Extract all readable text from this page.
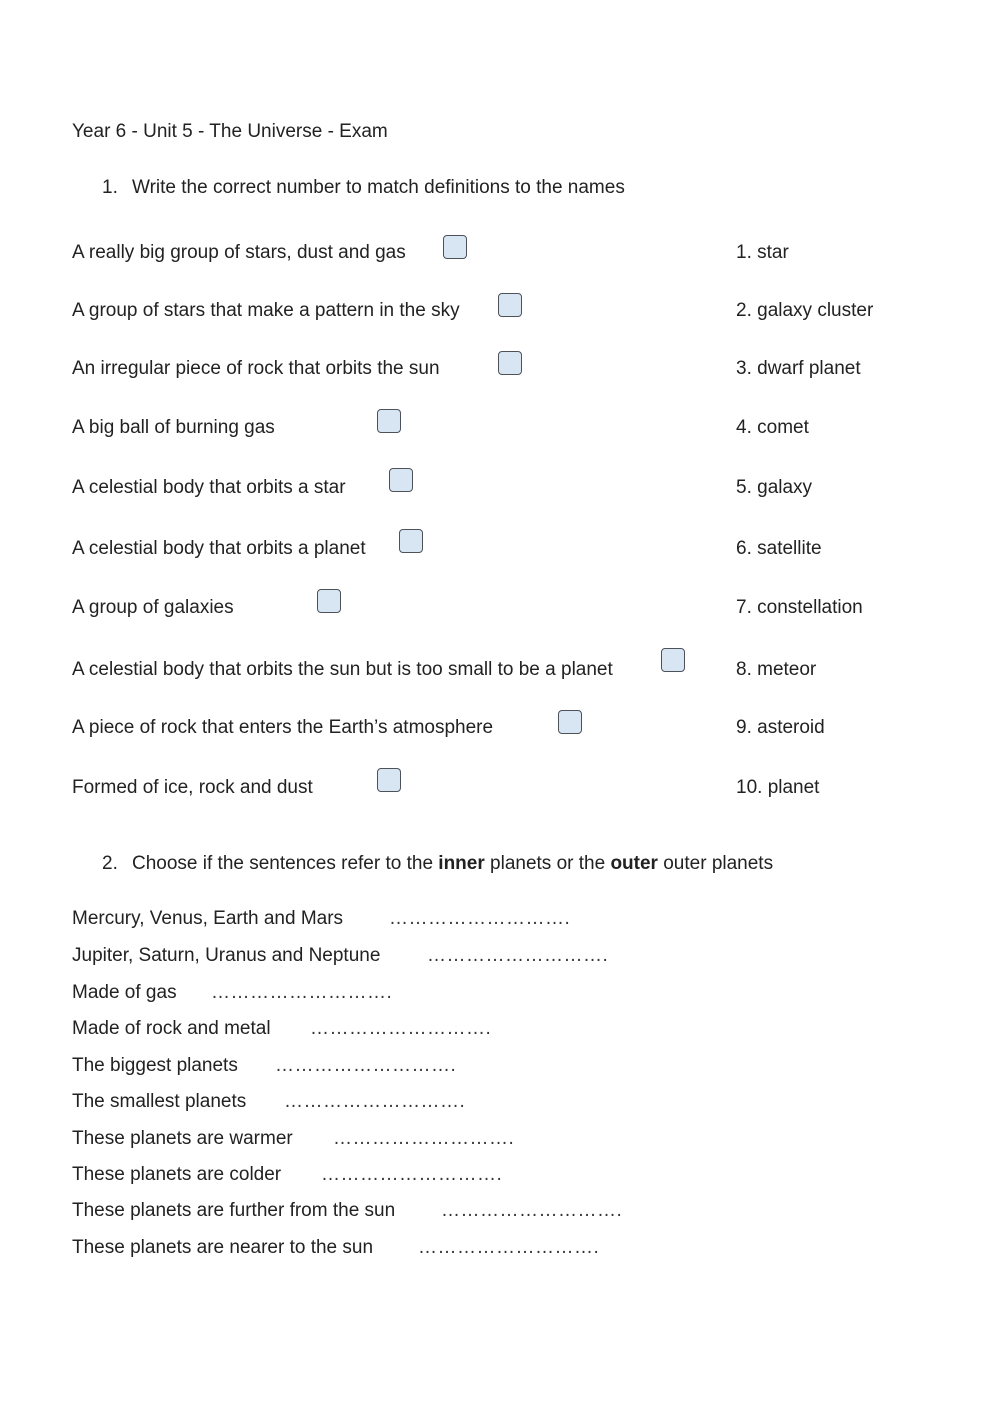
Year 6 - Unit 5 - The Universe - Exam
1. Write the correct number to match definitions to the names
A really big group of stars, dust and gas
A group of stars that make a pattern in the sky
An irregular piece of rock that orbits the sun
A big ball of burning gas
A celestial body that orbits a star
A celestial body that orbits a planet
A group of galaxies
A celestial body that orbits the sun but is too small to be a planet
A piece of rock that enters the Earth’s atmosphere
Formed of ice, rock and dust
1. star
2. galaxy cluster
3. dwarf planet
4. comet
5. galaxy
6. satellite
7. constellation
8. meteor
9. asteroid
10. planet
2. Choose if the sentences refer to the inner planets or the outer outer planets
Mercury, Venus, Earth and Mars ……………………….
Jupiter, Saturn, Uranus and Neptune ……………………….
Made of gas ……………………….
Made of rock and metal ……………………….
The biggest planets ……………………….
The smallest planets ……………………….
These planets are warmer ……………………….
These planets are colder ……………………….
These planets are further from the sun ……………………….
These planets are nearer to the sun ……………………….
